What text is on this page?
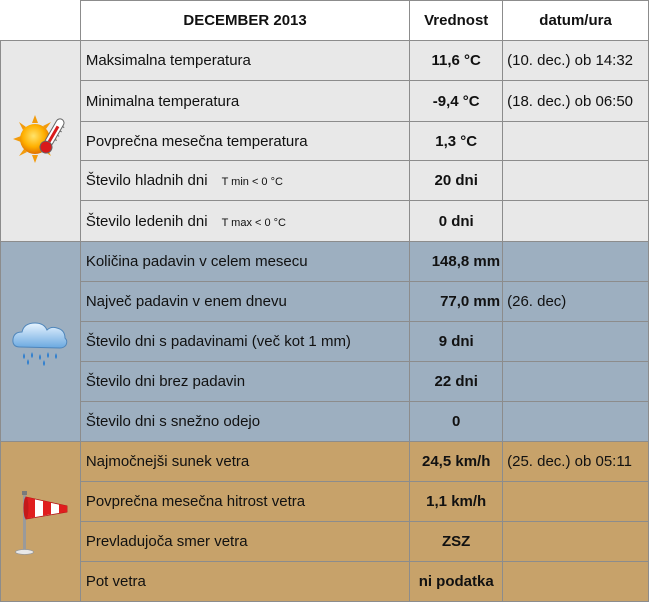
	DECEMBER 2013	Vrednost	datum/ura

	Maksimalna temperatura	11,6 °C	(10. dec.) ob 14:32
	Minimalna temperatura	-9,4 °C	(18. dec.) ob 06:50
	Povprečna mesečna temperatura	1,3 °C	
	Število hladnih dni T min < 0 °C	20 dni	
	Število ledenih dni T max < 0 °C	0 dni	

	Količina padavin v celem mesecu	148,8 mm	
	Največ padavin v enem dnevu	77,0 mm	(26. dec)
	Število dni s padavinami (več kot 1 mm)	9 dni	
	Število dni brez padavin	22 dni	
	Število dni s snežno odejo	0	

	Najmočnejši sunek vetra	24,5 km/h	(25. dec.) ob 05:11
	Povprečna mesečna hitrost vetra	1,1 km/h	
	Prevladujoča smer vetra	ZSZ	
	Pot vetra	ni podatka	
